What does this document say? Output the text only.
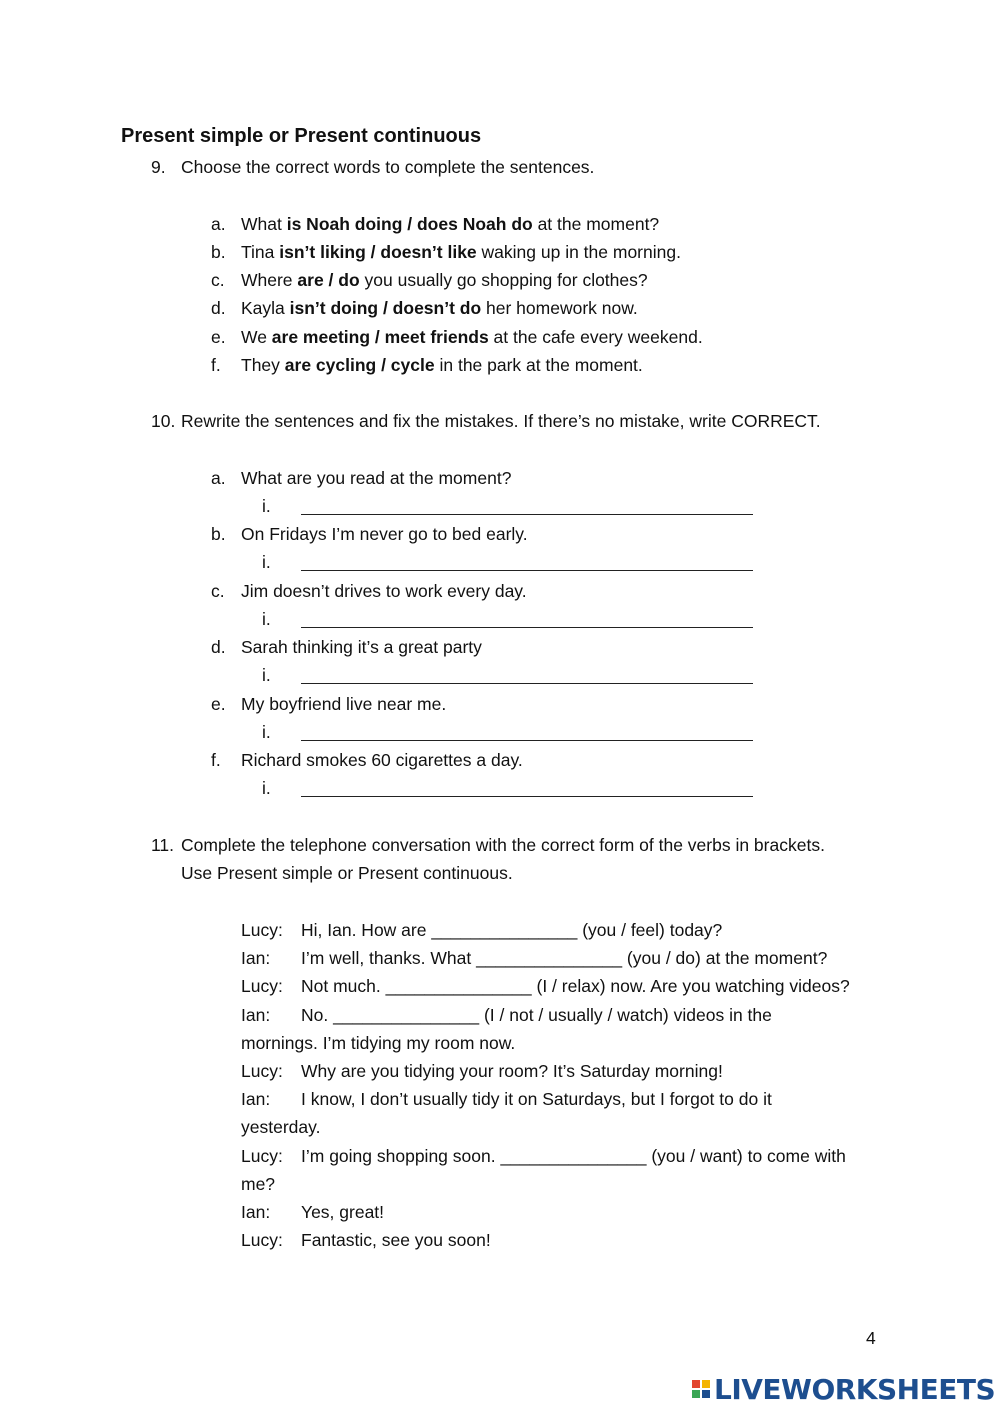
Present simple or Present continuous
9. Choose the correct words to complete the sentences.
a. What is Noah doing / does Noah do at the moment?
b. Tina isn’t liking / doesn’t like waking up in the morning.
c. Where are / do you usually go shopping for clothes?
d. Kayla isn’t doing / doesn’t do her homework now.
e. We are meeting / meet friends at the cafe every weekend.
f. They are cycling / cycle in the park at the moment.
10. Rewrite the sentences and fix the mistakes. If there’s no mistake, write CORRECT.
a. What are you read at the moment?
i.
b. On Fridays I’m never go to bed early.
i.
c. Jim doesn’t drives to work every day.
i.
d. Sarah thinking it’s a great party
i.
e. My boyfriend live near me.
i.
f. Richard smokes 60 cigarettes a day.
i.
11. Complete the telephone conversation with the correct form of the verbs in brackets.
Use Present simple or Present continuous.
Lucy: Hi, Ian. How are _______________ (you / feel) today?
Ian: I’m well, thanks. What _______________ (you / do) at the moment?
Lucy: Not much. _______________ (I / relax) now. Are you watching videos?
Ian: No. _______________ (I / not / usually / watch) videos in the
mornings. I’m tidying my room now.
Lucy: Why are you tidying your room? It’s Saturday morning!
Ian: I know, I don’t usually tidy it on Saturdays, but I forgot to do it
yesterday.
Lucy: I’m going shopping soon. _______________ (you / want) to come with
me?
Ian: Yes, great!
Lucy: Fantastic, see you soon!
4
LIVEWORKSHEETS
